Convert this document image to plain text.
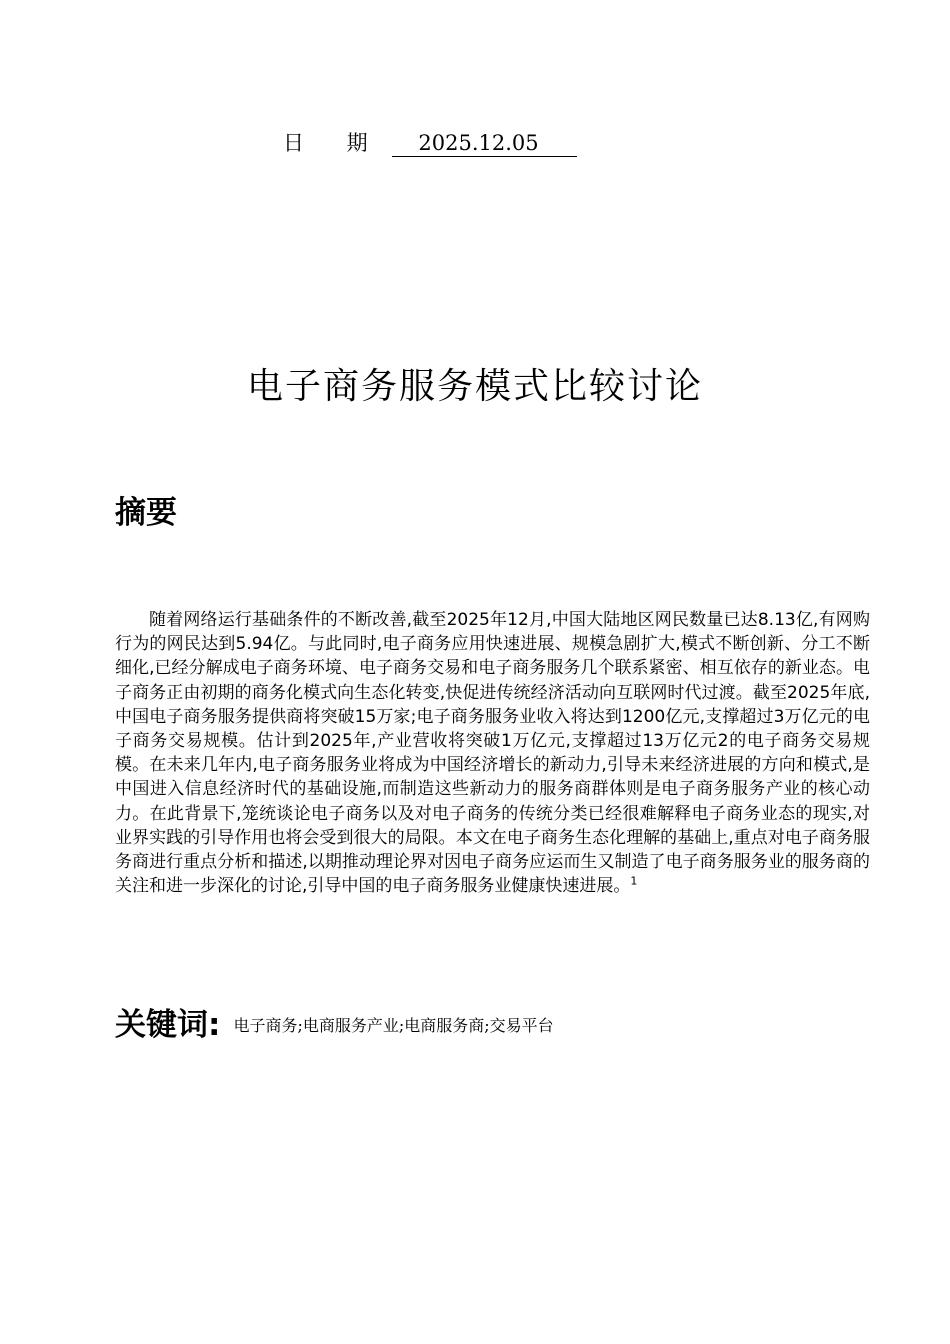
日 期 2025.12.05
电子商务服务模式比较讨论
摘要

随着网络运行基础条件的不断改善,截至2025年12月,中国大陆地区网民数量已达8.13亿,有网购行为的网民达到5.94亿。与此同时,电子商务应用快速进展、规模急剧扩大,模式不断创新、分工不断细化,已经分解成电子商务环境、电子商务交易和电子商务服务几个联系紧密、相互依存的新业态。电子商务正由初期的商务化模式向生态化转变,快促进传统经济活动向互联网时代过渡。截至2025年底,中国电子商务服务提供商将突破15万家;电子商务服务业收入将达到1200亿元,支撑超过3万亿元的电子商务交易规模。估计到2025年,产业营收将突破1万亿元,支撑超过13万亿元2的电子商务交易规模。在未来几年内,电子商务服务业将成为中国经济增长的新动力,引导未来经济进展的方向和模式,是中国进入信息经济时代的基础设施,而制造这些新动力的服务商群体则是电子商务服务产业的核心动力。在此背景下,笼统谈论电子商务以及对电子商务的传统分类已经很难解释电子商务业态的现实,对业界实践的引导作用也将会受到很大的局限。本文在电子商务生态化理解的基础上,重点对电子商务服务商进行重点分析和描述,以期推动理论界对因电子商务应运而生又制造了电子商务服务业的服务商的关注和进一步深化的讨论,引导中国的电子商务服务业健康快速进展。$^1$

关键词: 电子商务;电商服务产业;电商服务商;交易平台
